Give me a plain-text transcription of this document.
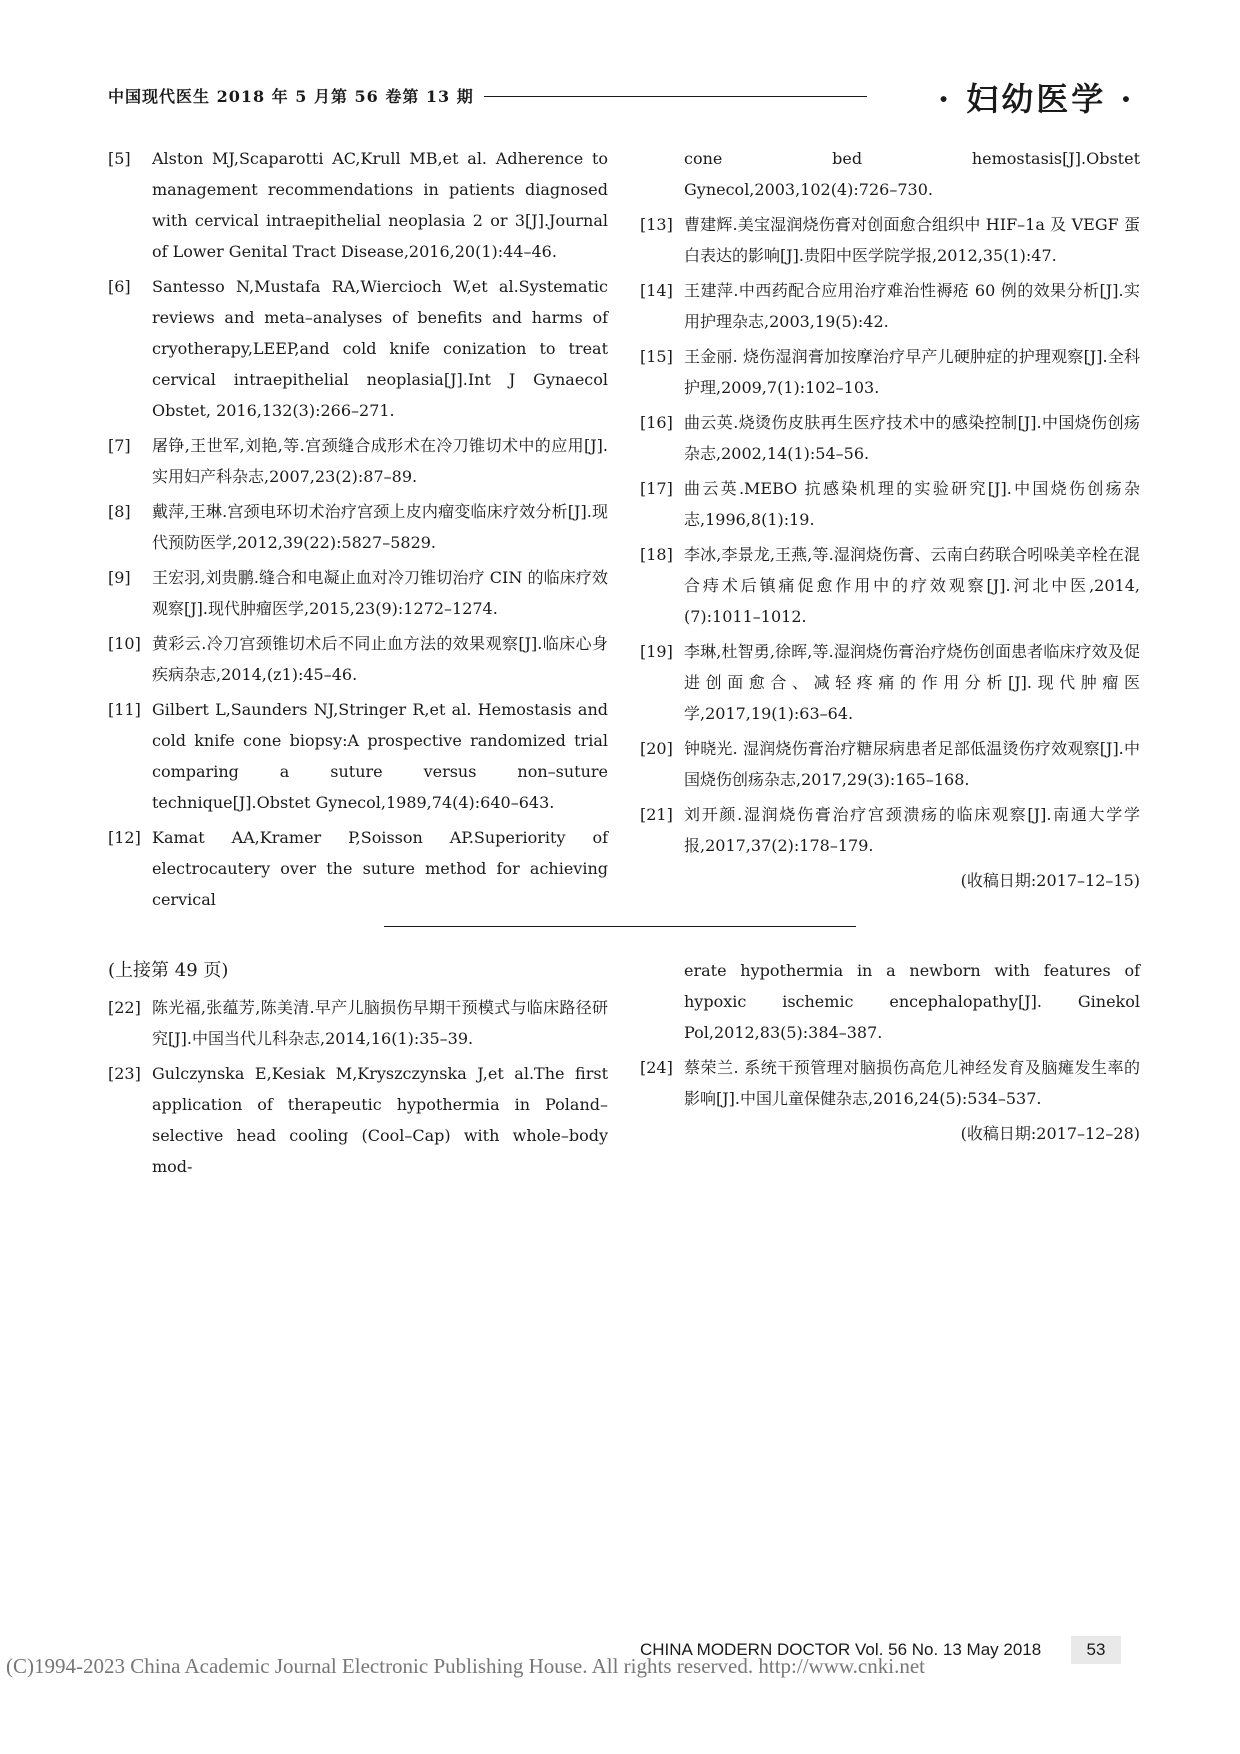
中国现代医生 2018 年 5 月第 56 卷第 13 期	· 妇幼医学 ·
[5]	Alston MJ,Scaparotti AC,Krull MB,et al. Adherence to management recommendations in patients diagnosed with cervical intraepithelial neoplasia 2 or 3[J].Journal of Lower Genital Tract Disease,2016,20(1):44–46.
[6]	Santesso N,Mustafa RA,Wiercioch W,et al.Systematic reviews and meta–analyses of benefits and harms of cryotherapy,LEEP,and cold knife conization to treat cervical intraepithelial neoplasia[J].Int J Gynaecol Obstet, 2016,132(3):266–271.
[7]	屠铮,王世军,刘艳,等.宫颈缝合成形术在冷刀锥切术中的应用[J].实用妇产科杂志,2007,23(2):87–89.
[8]	戴萍,王琳.宫颈电环切术治疗宫颈上皮内瘤变临床疗效分析[J].现代预防医学,2012,39(22):5827–5829.
[9]	王宏羽,刘贵鹏.缝合和电凝止血对冷刀锥切治疗 CIN 的临床疗效观察[J].现代肿瘤医学,2015,23(9):1272–1274.
[10] 黄彩云.冷刀宫颈锥切术后不同止血方法的效果观察[J].临床心身疾病杂志,2014,(z1):45–46.
[11] Gilbert L,Saunders NJ,Stringer R,et al. Hemostasis and cold knife cone biopsy:A prospective randomized trial comparing a suture versus non–suture technique[J].Obstet Gynecol,1989,74(4):640–643.
[12] Kamat AA,Kramer P,Soisson AP.Superiority of electrocautery over the suture method for achieving cervical
cone bed hemostasis[J].Obstet Gynecol,2003,102(4):726–730.
[13] 曹建辉.美宝湿润烧伤膏对创面愈合组织中 HIF–1a 及 VEGF 蛋白表达的影响[J].贵阳中医学院学报,2012,35(1):47.
[14] 王建萍.中西药配合应用治疗难治性褥疮 60 例的效果分析[J].实用护理杂志,2003,19(5):42.
[15] 王金丽. 烧伤湿润膏加按摩治疗早产儿硬肿症的护理观察[J].全科护理,2009,7(1):102–103.
[16] 曲云英.烧烫伤皮肤再生医疗技术中的感染控制[J].中国烧伤创疡杂志,2002,14(1):54–56.
[17] 曲云英.MEBO 抗感染机理的实验研究[J].中国烧伤创疡杂志,1996,8(1):19.
[18] 李冰,李景龙,王燕,等.湿润烧伤膏、云南白药联合吲哚美辛栓在混合痔术后镇痛促愈作用中的疗效观察[J].河北中医,2014,(7):1011–1012.
[19] 李琳,杜智勇,徐晖,等.湿润烧伤膏治疗烧伤创面患者临床疗效及促进创面愈合、减轻疼痛的作用分析[J].现代肿瘤医学,2017,19(1):63–64.
[20] 钟晓光. 湿润烧伤膏治疗糖尿病患者足部低温烫伤疗效观察[J].中国烧伤创疡杂志,2017,29(3):165–168.
[21] 刘开颜.湿润烧伤膏治疗宫颈溃疡的临床观察[J].南通大学学报,2017,37(2):178–179.
(收稿日期:2017–12–15)
(上接第 49 页)
[22] 陈光福,张蕴芳,陈美清.早产儿脑损伤早期干预模式与临床路径研究[J].中国当代儿科杂志,2014,16(1):35–39.
[23] Gulczynska E,Kesiak M,Kryszczynska J,et al.The first application of therapeutic hypothermia in Poland– selective head cooling (Cool–Cap) with whole–body mod-
erate hypothermia in a newborn with features of hypoxic ischemic encephalopathy[J]. Ginekol Pol,2012,83(5):384–387.
[24] 蔡荣兰. 系统干预管理对脑损伤高危儿神经发育及脑瘫发生率的影响[J].中国儿童保健杂志,2016,24(5):534–537.
(收稿日期:2017–12–28)
CHINA MODERN DOCTOR Vol. 56 No. 13 May 2018	53
(C)1994-2023 China Academic Journal Electronic Publishing House. All rights reserved. http://www.cnki.net
